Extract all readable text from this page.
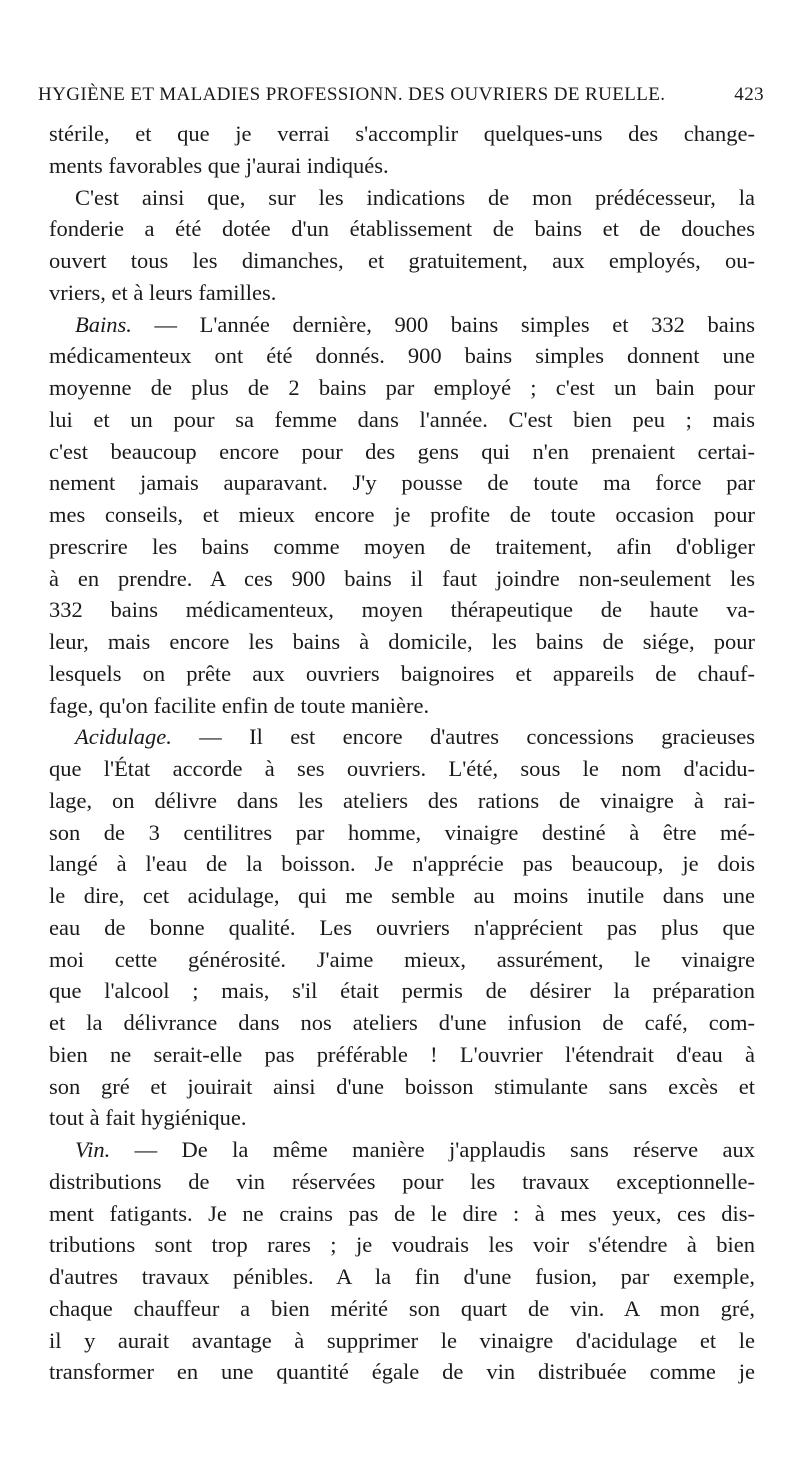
HYGIÈNE ET MALADIES PROFESSIONN. DES OUVRIERS DE RUELLE.	423
stérile, et que je verrai s'accomplir quelques-uns des change-
ments favorables que j'aurai indiqués.
C'est ainsi que, sur les indications de mon prédécesseur, la
fonderie a été dotée d'un établissement de bains et de douches
ouvert tous les dimanches, et gratuitement, aux employés, ou-
vriers, et à leurs familles.
Bains. — L'année dernière, 900 bains simples et 332 bains
médicamenteux ont été donnés. 900 bains simples donnent une
moyenne de plus de 2 bains par employé ; c'est un bain pour
lui et un pour sa femme dans l'année. C'est bien peu ; mais
c'est beaucoup encore pour des gens qui n'en prenaient certai-
nement jamais auparavant. J'y pousse de toute ma force par
mes conseils, et mieux encore je profite de toute occasion pour
prescrire les bains comme moyen de traitement, afin d'obliger
à en prendre. A ces 900 bains il faut joindre non-seulement les
332 bains médicamenteux, moyen thérapeutique de haute va-
leur, mais encore les bains à domicile, les bains de siége, pour
lesquels on prête aux ouvriers baignoires et appareils de chauf-
fage, qu'on facilite enfin de toute manière.
Acidulage. — Il est encore d'autres concessions gracieuses
que l'État accorde à ses ouvriers. L'été, sous le nom d'acidu-
lage, on délivre dans les ateliers des rations de vinaigre à rai-
son de 3 centilitres par homme, vinaigre destiné à être mé-
langé à l'eau de la boisson. Je n'apprécie pas beaucoup, je dois
le dire, cet acidulage, qui me semble au moins inutile dans une
eau de bonne qualité. Les ouvriers n'apprécient pas plus que
moi cette générosité. J'aime mieux, assurément, le vinaigre
que l'alcool ; mais, s'il était permis de désirer la préparation
et la délivrance dans nos ateliers d'une infusion de café, com-
bien ne serait-elle pas préférable ! L'ouvrier l'étendrait d'eau à
son gré et jouirait ainsi d'une boisson stimulante sans excès et
tout à fait hygiénique.
Vin. — De la même manière j'applaudis sans réserve aux
distributions de vin réservées pour les travaux exceptionnelle-
ment fatigants. Je ne crains pas de le dire : à mes yeux, ces dis-
tributions sont trop rares ; je voudrais les voir s'étendre à bien
d'autres travaux pénibles. A la fin d'une fusion, par exemple,
chaque chauffeur a bien mérité son quart de vin. A mon gré,
il y aurait avantage à supprimer le vinaigre d'acidulage et le
transformer en une quantité égale de vin distribuée comme je
